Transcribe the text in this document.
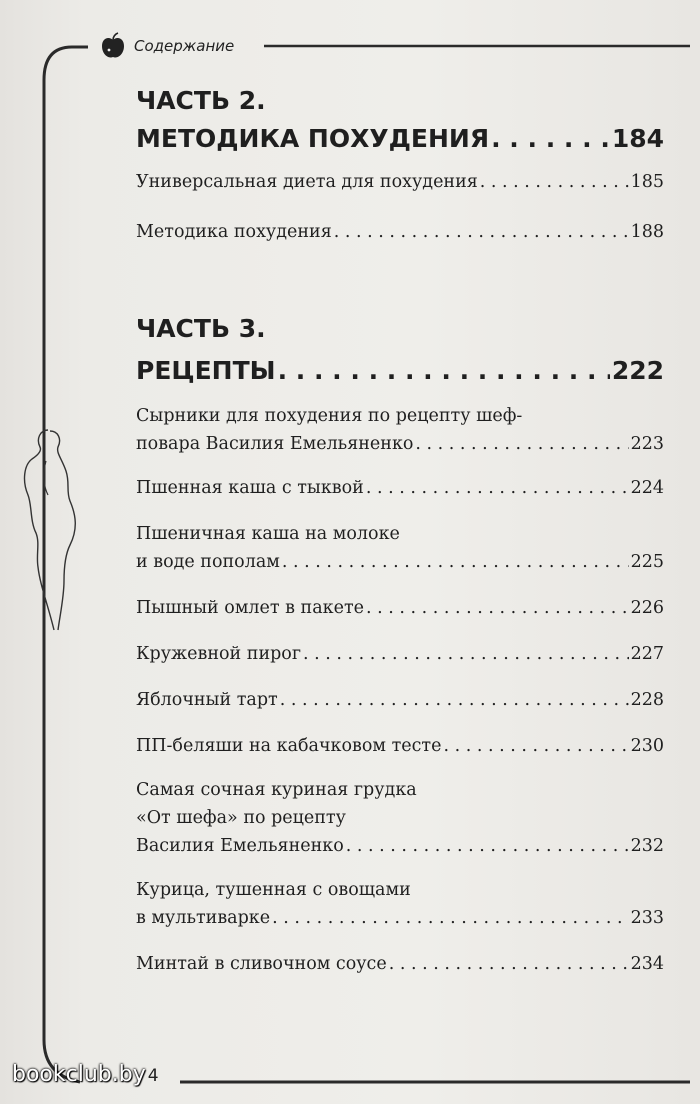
Содержание
ЧАСТЬ 2.
МЕТОДИКА ПОХУДЕНИЯ . . .	184
Универсальная диета для похудения . . .	185
Методика похудения . . .	188
ЧАСТЬ 3.
РЕЦЕПТЫ . . .	222
Сырники для похудения по рецепту шеф-
повара Василия Емельяненко . . .	223
Пшенная каша с тыквой . . .	224
Пшеничная каша на молоке
и воде пополам . . .	225
Пышный омлет в пакете . . .	226
Кружевной пирог . . .	227
Яблочный тарт . . .	228
ПП-беляши на кабачковом тесте . . .	230
Самая сочная куриная грудка
«От шефа» по рецепту
Василия Емельяненко . . .	232
Курица, тушенная с овощами
в мультиварке . . .	233
Минтай в сливочном соусе . . .	234
bookclub.by 4
